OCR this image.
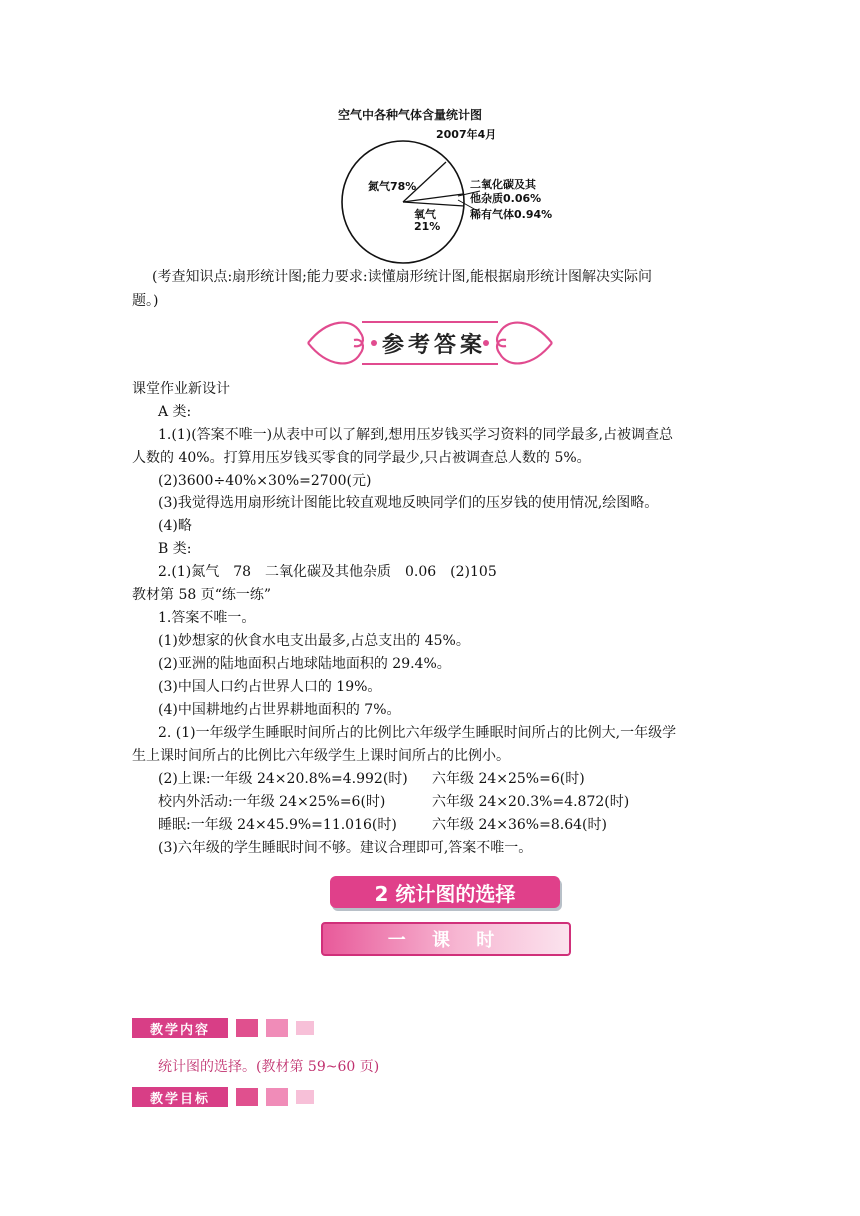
空气中各种气体含量统计图
2007年4月
氮气78%
氧气
21%
二氧化碳及其
他杂质0.06%
稀有气体0.94%
(考查知识点:扇形统计图;能力要求:读懂扇形统计图,能根据扇形统计图解决实际问
题。)
参考答案
课堂作业新设计
A 类:
1.(1)(答案不唯一)从表中可以了解到,想用压岁钱买学习资料的同学最多,占被调查总
人数的 40%。打算用压岁钱买零食的同学最少,只占被调查总人数的 5%。
(2)3600÷40%×30%=2700(元)
(3)我觉得选用扇形统计图能比较直观地反映同学们的压岁钱的使用情况,绘图略。
(4)略
B 类:
2.(1)氮气　78　二氧化碳及其他杂质　0.06　(2)105
教材第 58 页“练一练”
1.答案不唯一。
(1)妙想家的伙食水电支出最多,占总支出的 45%。
(2)亚洲的陆地面积占地球陆地面积的 29.4%。
(3)中国人口约占世界人口的 19%。
(4)中国耕地约占世界耕地面积的 7%。
2. (1)一年级学生睡眠时间所占的比例比六年级学生睡眠时间所占的比例大,一年级学
生上课时间所占的比例比六年级学生上课时间所占的比例小。
(2)上课:一年级 24×20.8%=4.992(时) 六年级 24×25%=6(时)
校内外活动:一年级 24×25%=6(时)	六年级 24×20.3%=4.872(时)
睡眠:一年级 24×45.9%=11.016(时)	六年级 24×36%=8.64(时)
(3)六年级的学生睡眠时间不够。建议合理即可,答案不唯一。
2 统计图的选择
一 课 时
教学内容
统计图的选择。(教材第 59~60 页)
教学目标
